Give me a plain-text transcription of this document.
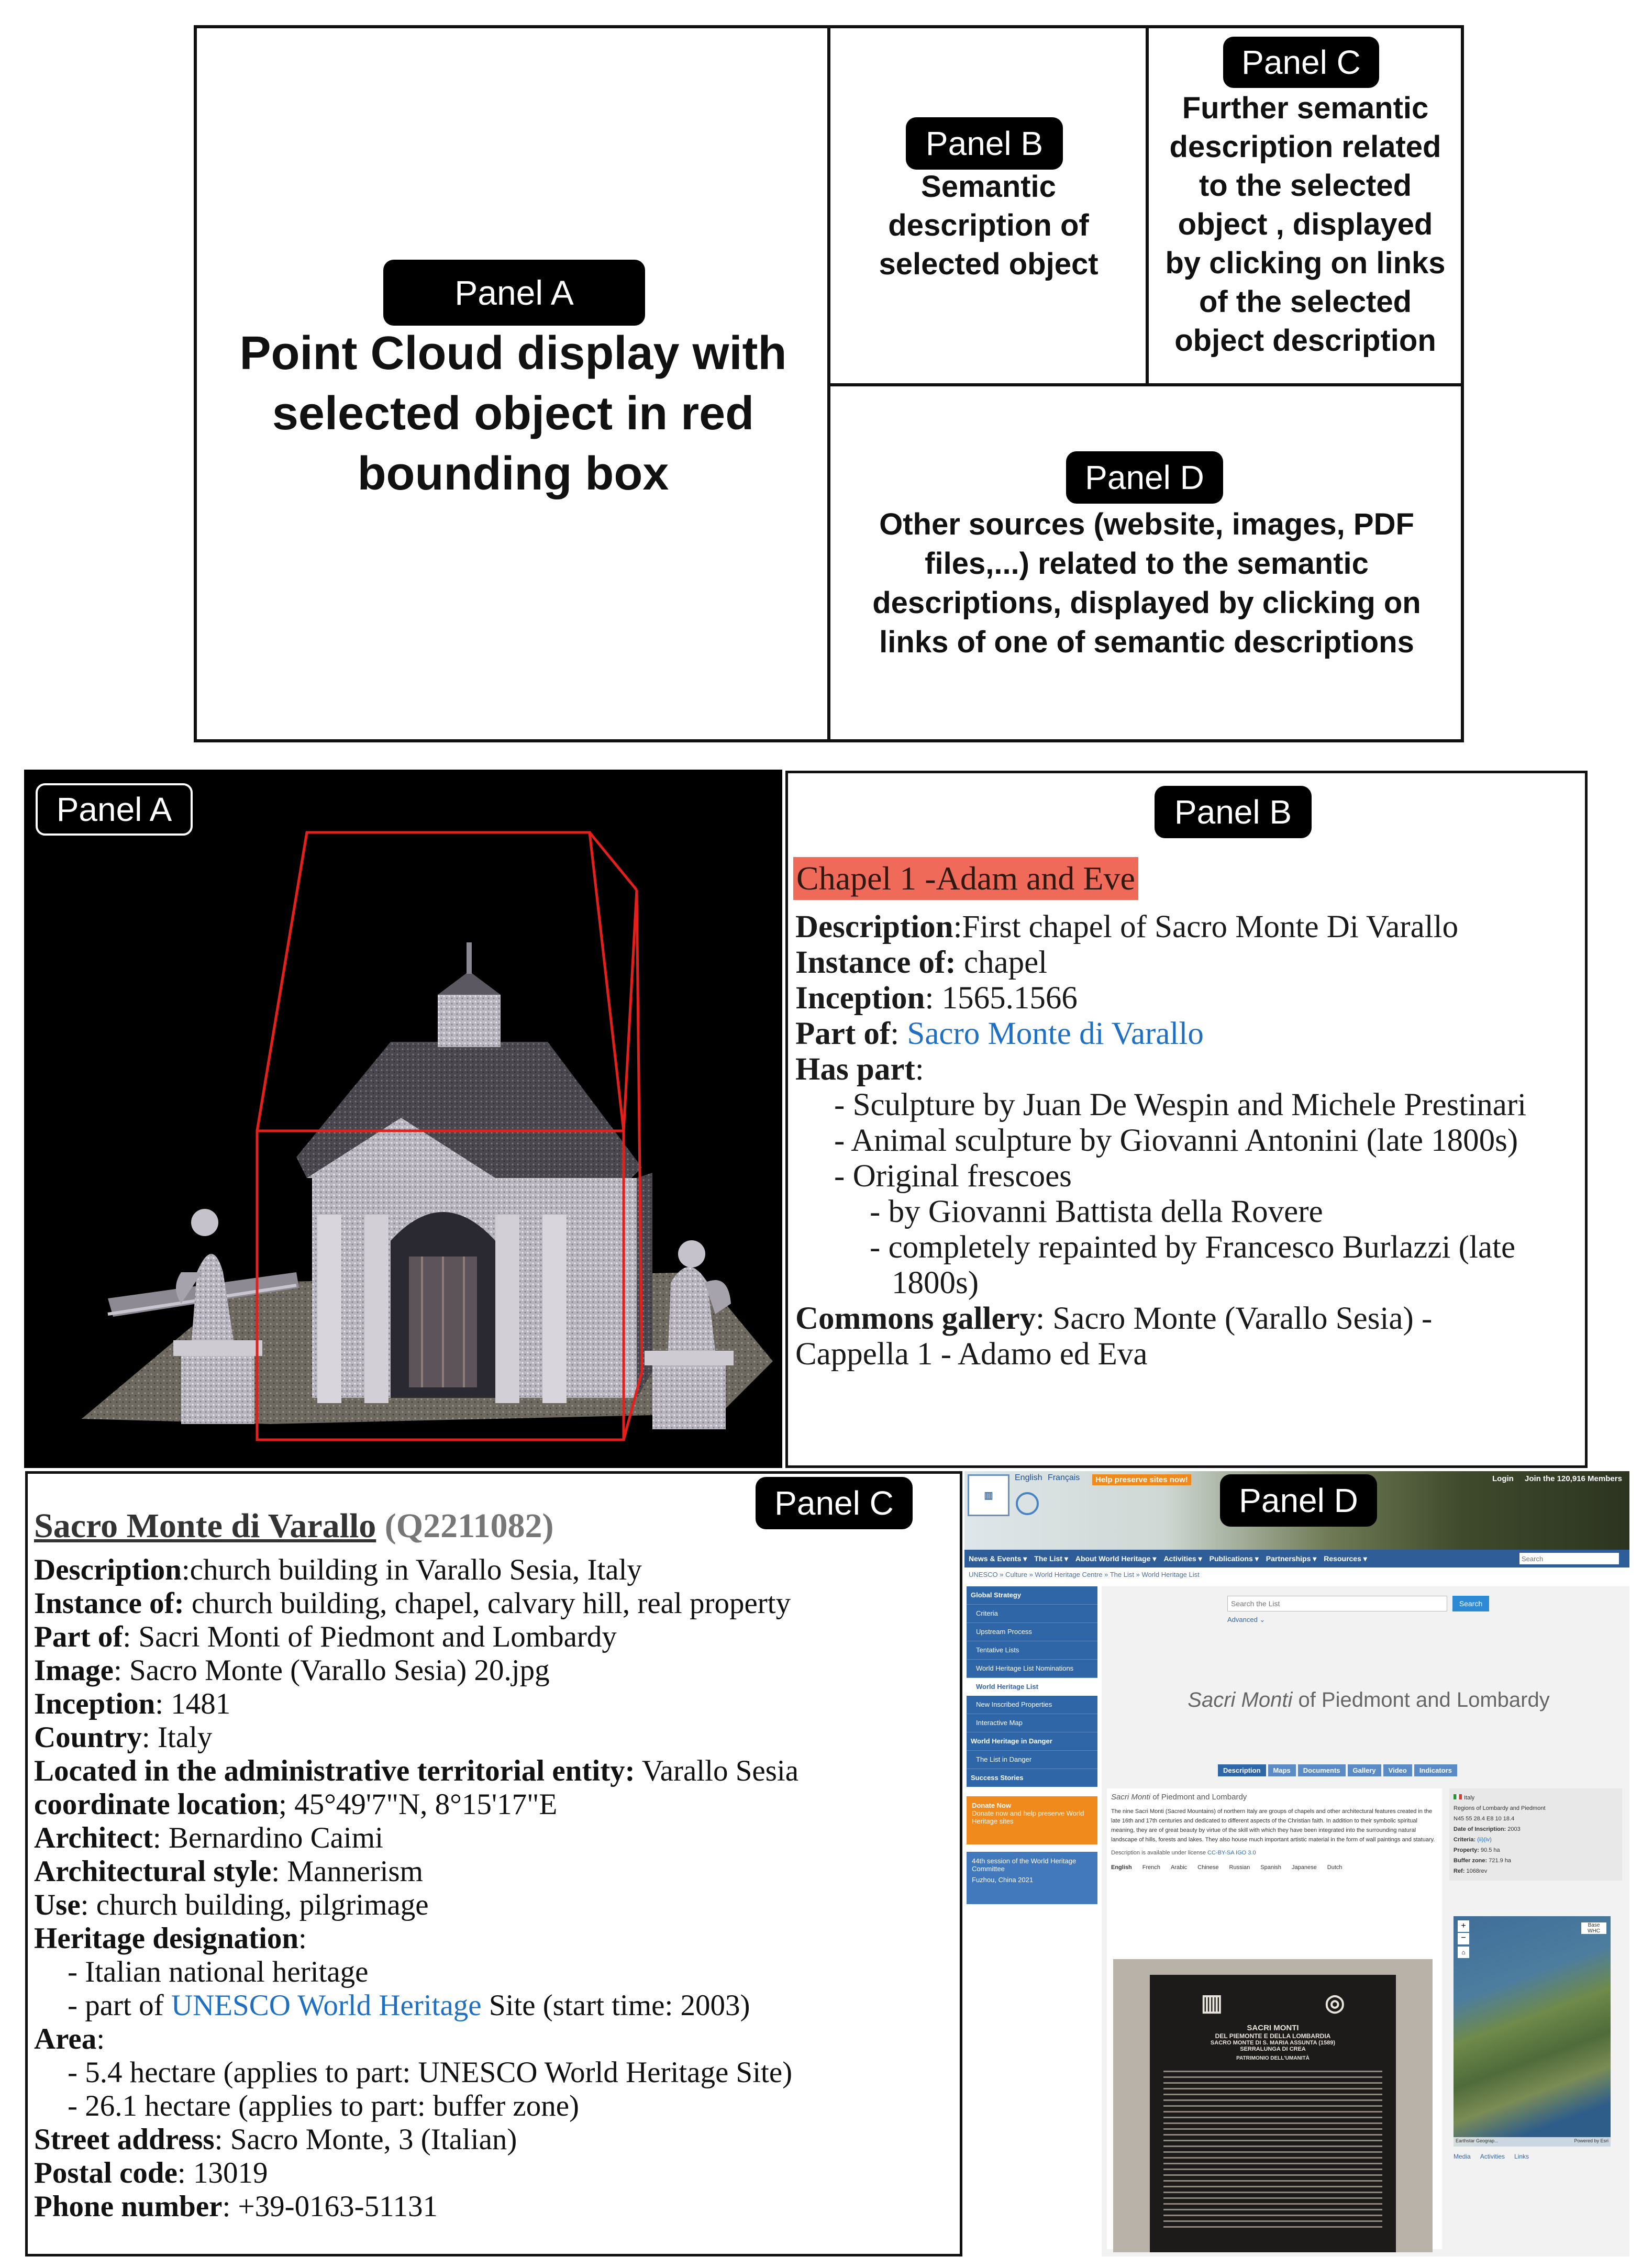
Panel A
Point Cloud display with
selected object in red
bounding box
Panel B
Semantic
description of
selected object
Panel C
Further semantic
description related
to the selected
object , displayed
by clicking on links
of the selected
object description
Panel D
Other sources (website, images, PDF
files,...) related to the semantic
descriptions, displayed by clicking on
links of one of semantic descriptions
Panel A	Panel B
Chapel 1 -Adam and Eve
Description:First chapel of Sacro Monte Di Varallo
Instance of: chapel
Inception: 1565.1566
Part of: Sacro Monte di Varallo
Has part:
- Sculpture by Juan De Wespin and Michele Prestinari
- Animal sculpture by Giovanni Antonini (late 1800s)
- Original frescoes
- by Giovanni Battista della Rovere
- completely repainted by Francesco Burlazzi (late
1800s)
Commons gallery: Sacro Monte (Varallo Sesia) -
Cappella 1 - Adamo ed Eva
Panel C
Sacro Monte di Varallo (Q2211082)
Description:church building in Varallo Sesia, Italy
Instance of: church building, chapel, calvary hill, real property
Part of: Sacri Monti of Piedmont and Lombardy
Image: Sacro Monte (Varallo Sesia) 20.jpg
Inception: 1481
Country: Italy
Located in the administrative territorial entity: Varallo Sesia
coordinate location; 45°49'7"N, 8°15'17"E
Architect: Bernardino Caimi
Architectural style: Mannerism
Use: church building, pilgrimage
Heritage designation:
- Italian national heritage
- part of UNESCO World Heritage Site (start time: 2003)
Area:
- 5.4 hectare (applies to part: UNESCO World Heritage Site)
- 26.1 hectare (applies to part: buffer zone)
Street address: Sacro Monte, 3 (Italian)
Postal code: 13019
Phone number: +39-0163-51131
▥
English Français	Help preserve sites now!	Login Join the 120,916 Members
News & Events ▾ The List ▾ About World Heritage ▾ Activities ▾ Publications ▾ Partnerships ▾ Resources ▾
Search
UNESCO » Culture » World Heritage Centre » The List » World Heritage List
Global Strategy
Criteria
Upstream Process
Tentative Lists
World Heritage List Nominations
World Heritage List
New Inscribed Properties
Interactive Map
World Heritage in Danger
The List in Danger
Success Stories
Donate Now
Donate now and help preserve World Heritage sites
44th session of the World Heritage Committee
Fuzhou, China 2021
Search the List
Search
Advanced ⌄
Sacri Monti of Piedmont and Lombardy
Description	Maps	Documents	Gallery	Video	Indicators
Sacri Monti of Piedmont and Lombardy
The nine Sacri Monti (Sacred Mountains) of northern Italy are groups of chapels and other architectural features created in the late 16th and 17th centuries and dedicated to different aspects of the Christian faith. In addition to their symbolic spiritual meaning, they are of great beauty by virtue of the skill with which they have been integrated into the surrounding natural landscape of hills, forests and lakes. They also house much important artistic material in the form of wall paintings and statuary.
Description is available under license CC-BY-SA IGO 3.0
English French Arabic Chinese Russian Spanish Japanese Dutch
▥	◎
SACRI MONTI
DEL PIEMONTE E DELLA LOMBARDIA
SACRO MONTE DI S. MARIA ASSUNTA (1589)
SERRALUNGA DI CREA
PATRIMONIO DELL'UMANITÀ
Italy
Regions of Lombardy and Piedmont
N45 55 28.4 E8 10 18.4
Date of Inscription: 2003
Criteria: (ii)(iv)
Property: 90.5 ha
Buffer zone: 721.9 ha
Ref: 1068rev
+
−
⌂
Base WHC
Earthstar Geograp...	Powered by Esri
Media Activities Links
Panel D
